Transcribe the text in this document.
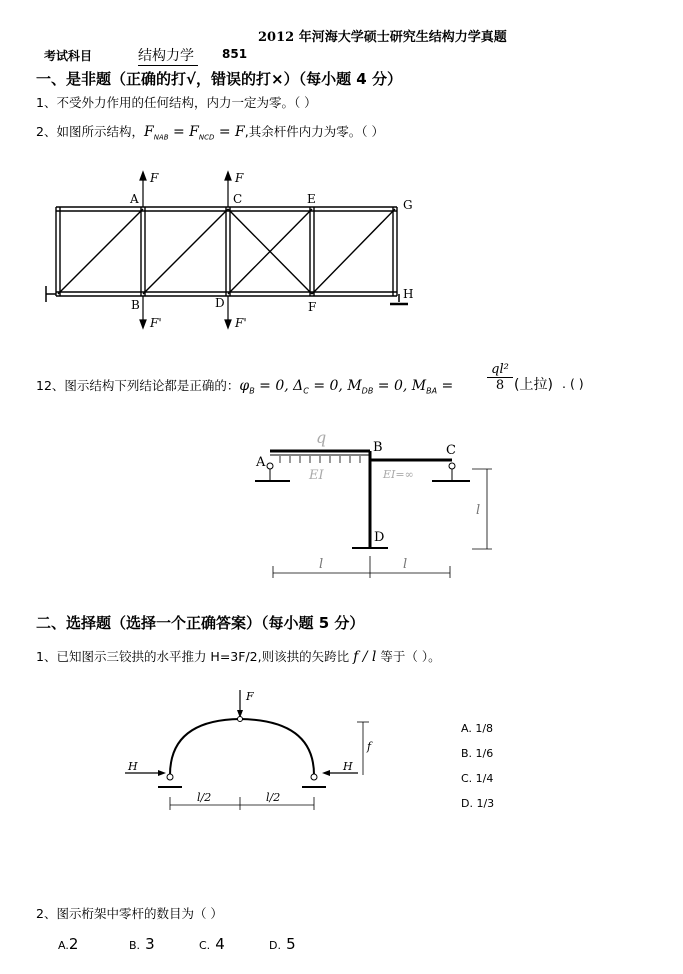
2012 年河海大学硕士研究生结构力学真题
考试科目	结构力学	851
一、是非题（正确的打√，错误的打×）（每小题 4 分）
1、不受外力作用的任何结构，内力一定为零。（ ）
2、如图所示结构，$F_{NAB} = F_{NCD} = F$,其余杆件内力为零。（ ）
A	C	E	G
B	D	F
H
F	F
F'	F'
12、图示结构下列结论都是正确的：$\varphi_B = 0$, $\Delta_C = 0$, $M_{DB} = 0$, $M_{BA}$ =	$\frac{\text{ql²}}{8}$ (上拉) . ( )
A
B	C
D
q
EI	EI=∞
l
l	l
二、选择题（选择一个正确答案）（每小题 5 分）
1、已知图示三铰拱的水平推力 H=3F/2,则该拱的矢跨比 f / l 等于（ ）。
F
H	H
f
l/2	l/2
A. 1/8
B. 1/6
C. 1/4
D. 1/3
2、图示桁架中零杆的数目为（ ）
A.2	B. 3	C. 4	D. 5
